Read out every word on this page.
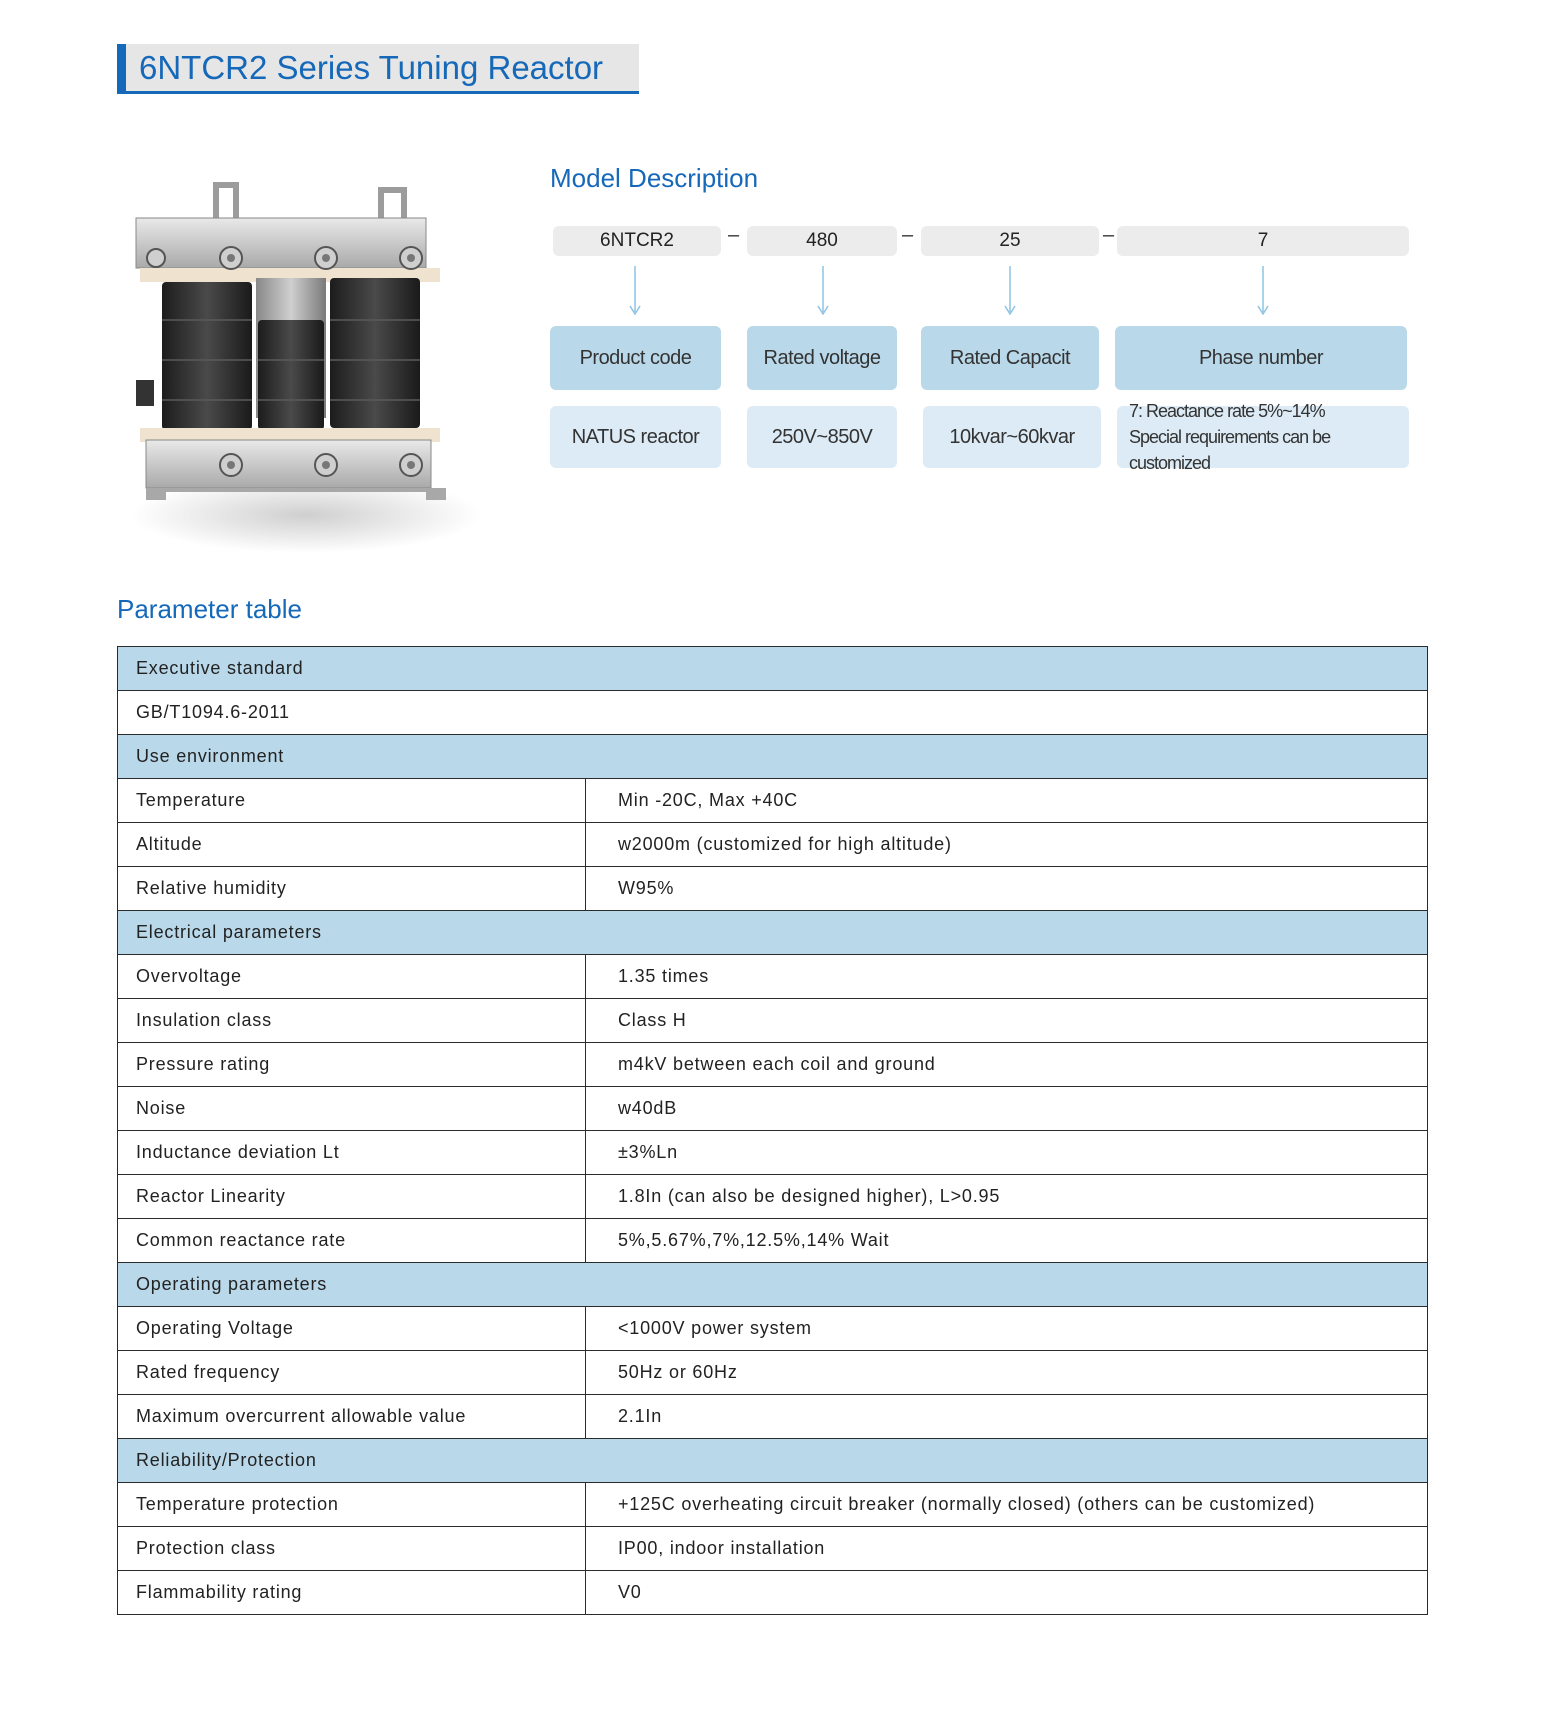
6NTCR2 Series Tuning Reactor
Model Description
6NTCR2	–	480	–	25	–	7
Product code	Rated voltage	Rated Capacit	Phase number
NATUS reactor	250V~850V	10kvar~60kvar
7: Reactance rate 5%~14%
Special requirements can be customized
Parameter table
Executive standard	
GB/T1094.6-2011	
Use environment	
Temperature	Min -20C, Max +40C
Altitude	w2000m (customized for high altitude)
Relative humidity	W95%
Electrical parameters	
Overvoltage	1.35 times
Insulation class	Class H
Pressure rating	m4kV between each coil and ground
Noise	w40dB
Inductance deviation Lt	±3%Ln
Reactor Linearity	1.8In (can also be designed higher), L>0.95
Common reactance rate	5%,5.67%,7%,12.5%,14% Wait
Operating parameters	
Operating Voltage	<1000V power system
Rated frequency	50Hz or 60Hz
Maximum overcurrent allowable value	2.1In
Reliability/Protection	
Temperature protection	+125C overheating circuit breaker (normally closed) (others can be customized)
Protection class	IP00, indoor installation
Flammability rating	V0
